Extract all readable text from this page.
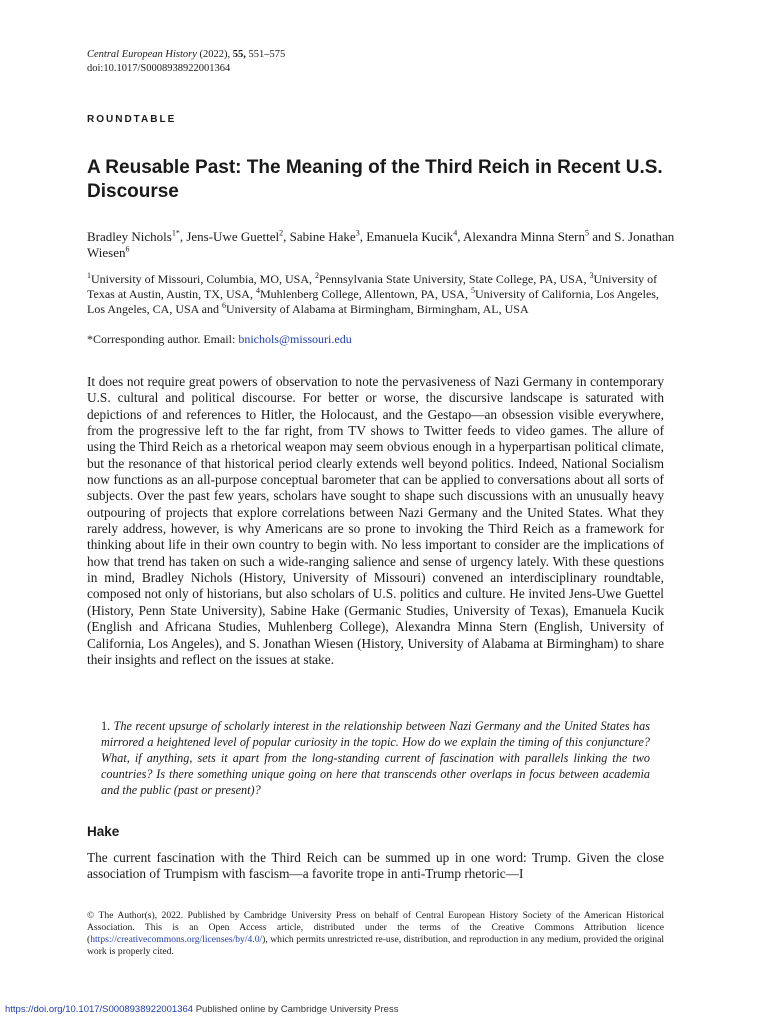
Central European History (2022), 55, 551–575
doi:10.1017/S0008938922001364
ROUNDTABLE
A Reusable Past: The Meaning of the Third Reich in Recent U.S. Discourse
Bradley Nichols$^{1*}$, Jens-Uwe Guettel$^2$, Sabine Hake$^3$, Emanuela Kucik$^4$, Alexandra Minna Stern$^5$ and S. Jonathan Wiesen$^6$
$^1$University of Missouri, Columbia, MO, USA, $^2$Pennsylvania State University, State College, PA, USA, $^3$University of Texas at Austin, Austin, TX, USA, $^4$Muhlenberg College, Allentown, PA, USA, $^5$University of California, Los Angeles, Los Angeles, CA, USA and $^6$University of Alabama at Birmingham, Birmingham, AL, USA
*Corresponding author. Email: bnichols@missouri.edu

It does not require great powers of observation to note the pervasiveness of Nazi Germany in contemporary U.S. cultural and political discourse. For better or worse, the discursive landscape is saturated with depictions of and references to Hitler, the Holocaust, and the Gestapo—an obsession visible everywhere, from the progressive left to the far right, from TV shows to Twitter feeds to video games. The allure of using the Third Reich as a rhetorical weapon may seem obvious enough in a hyperpartisan political climate, but the resonance of that historical period clearly extends well beyond politics. Indeed, National Socialism now functions as an all-purpose conceptual barometer that can be applied to conversations about all sorts of subjects. Over the past few years, scholars have sought to shape such discussions with an unusually heavy outpouring of projects that explore correlations between Nazi Germany and the United States. What they rarely address, however, is why Americans are so prone to invoking the Third Reich as a framework for thinking about life in their own country to begin with. No less important to consider are the implications of how that trend has taken on such a wide-ranging salience and sense of urgency lately. With these questions in mind, Bradley Nichols (History, University of Missouri) convened an interdisciplinary roundtable, composed not only of historians, but also scholars of U.S. politics and culture. He invited Jens-Uwe Guettel (History, Penn State University), Sabine Hake (Germanic Studies, University of Texas), Emanuela Kucik (English and Africana Studies, Muhlenberg College), Alexandra Minna Stern (English, University of California, Los Angeles), and S. Jonathan Wiesen (History, University of Alabama at Birmingham) to share their insights and reflect on the issues at stake.

1. The recent upsurge of scholarly interest in the relationship between Nazi Germany and the United States has mirrored a heightened level of popular curiosity in the topic. How do we explain the timing of this conjuncture? What, if anything, sets it apart from the long-standing current of fascination with parallels linking the two countries? Is there something unique going on here that transcends other overlaps in focus between academia and the public (past or present)?

Hake

The current fascination with the Third Reich can be summed up in one word: Trump. Given the close association of Trumpism with fascism—a favorite trope in anti-Trump rhetoric—I

© The Author(s), 2022. Published by Cambridge University Press on behalf of Central European History Society of the American Historical Association. This is an Open Access article, distributed under the terms of the Creative Commons Attribution licence (https://creativecommons.org/licenses/by/4.0/), which permits unrestricted re-use, distribution, and reproduction in any medium, provided the original work is properly cited.

https://doi.org/10.1017/S0008938922001364 Published online by Cambridge University Press
